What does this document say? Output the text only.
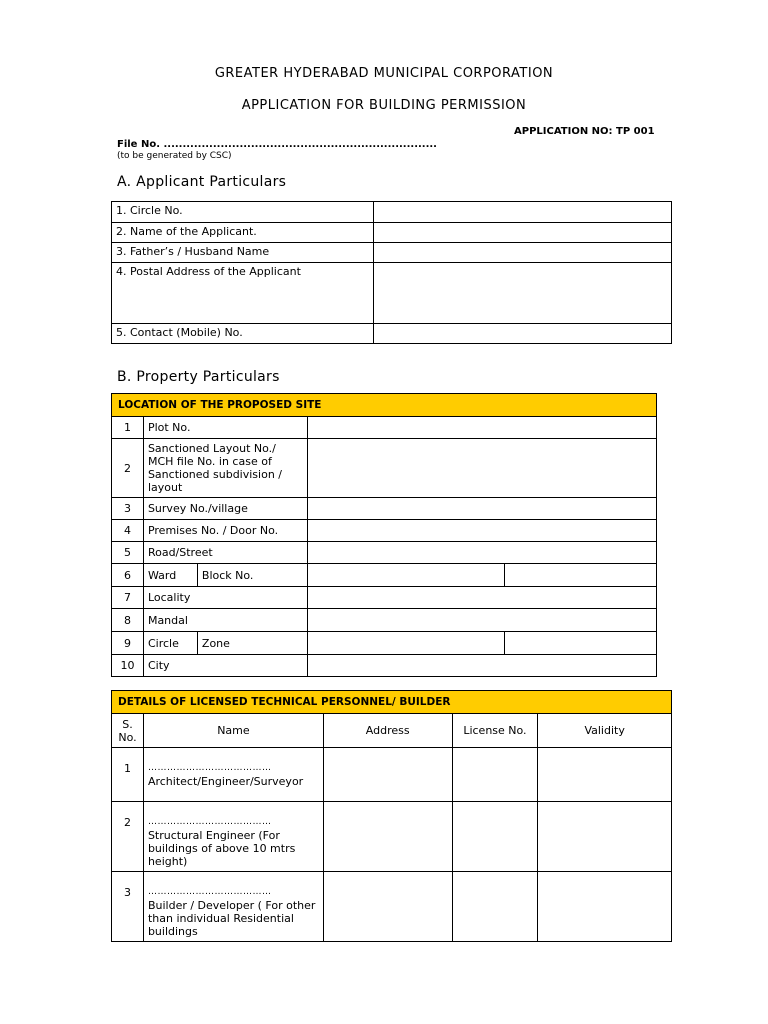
GREATER HYDERABAD MUNICIPAL CORPORATION
APPLICATION FOR BUILDING PERMISSION
APPLICATION NO: TP 001
File No. ........................................................................
(to be generated by CSC)
A. Applicant Particulars
1. Circle No.	
2. Name of the Applicant.	
3. Father’s / Husband Name	
4. Postal Address of the Applicant	
5. Contact (Mobile) No.	
B. Property Particulars
LOCATION OF THE PROPOSED SITE				
1	Plot No.			
2	Sanctioned Layout No./ MCH file No. in case of Sanctioned subdivision / layout			
3	Survey No./village			
4	Premises No. / Door No.			
5	Road/Street			
6	Ward	Block No.		
7	Locality			
8	Mandal			
9	Circle	Zone		
10	City			
DETAILS OF LICENSED TECHNICAL PERSONNEL/ BUILDER				
S. No.	Name	Address	License No.	Validity
1	…………………………………
Architect/Engineer/Surveyor			
2	…………………………………
Structural Engineer (For buildings of above 10 mtrs height)			
3	…………………………………
Builder / Developer ( For other than individual Residential buildings			
